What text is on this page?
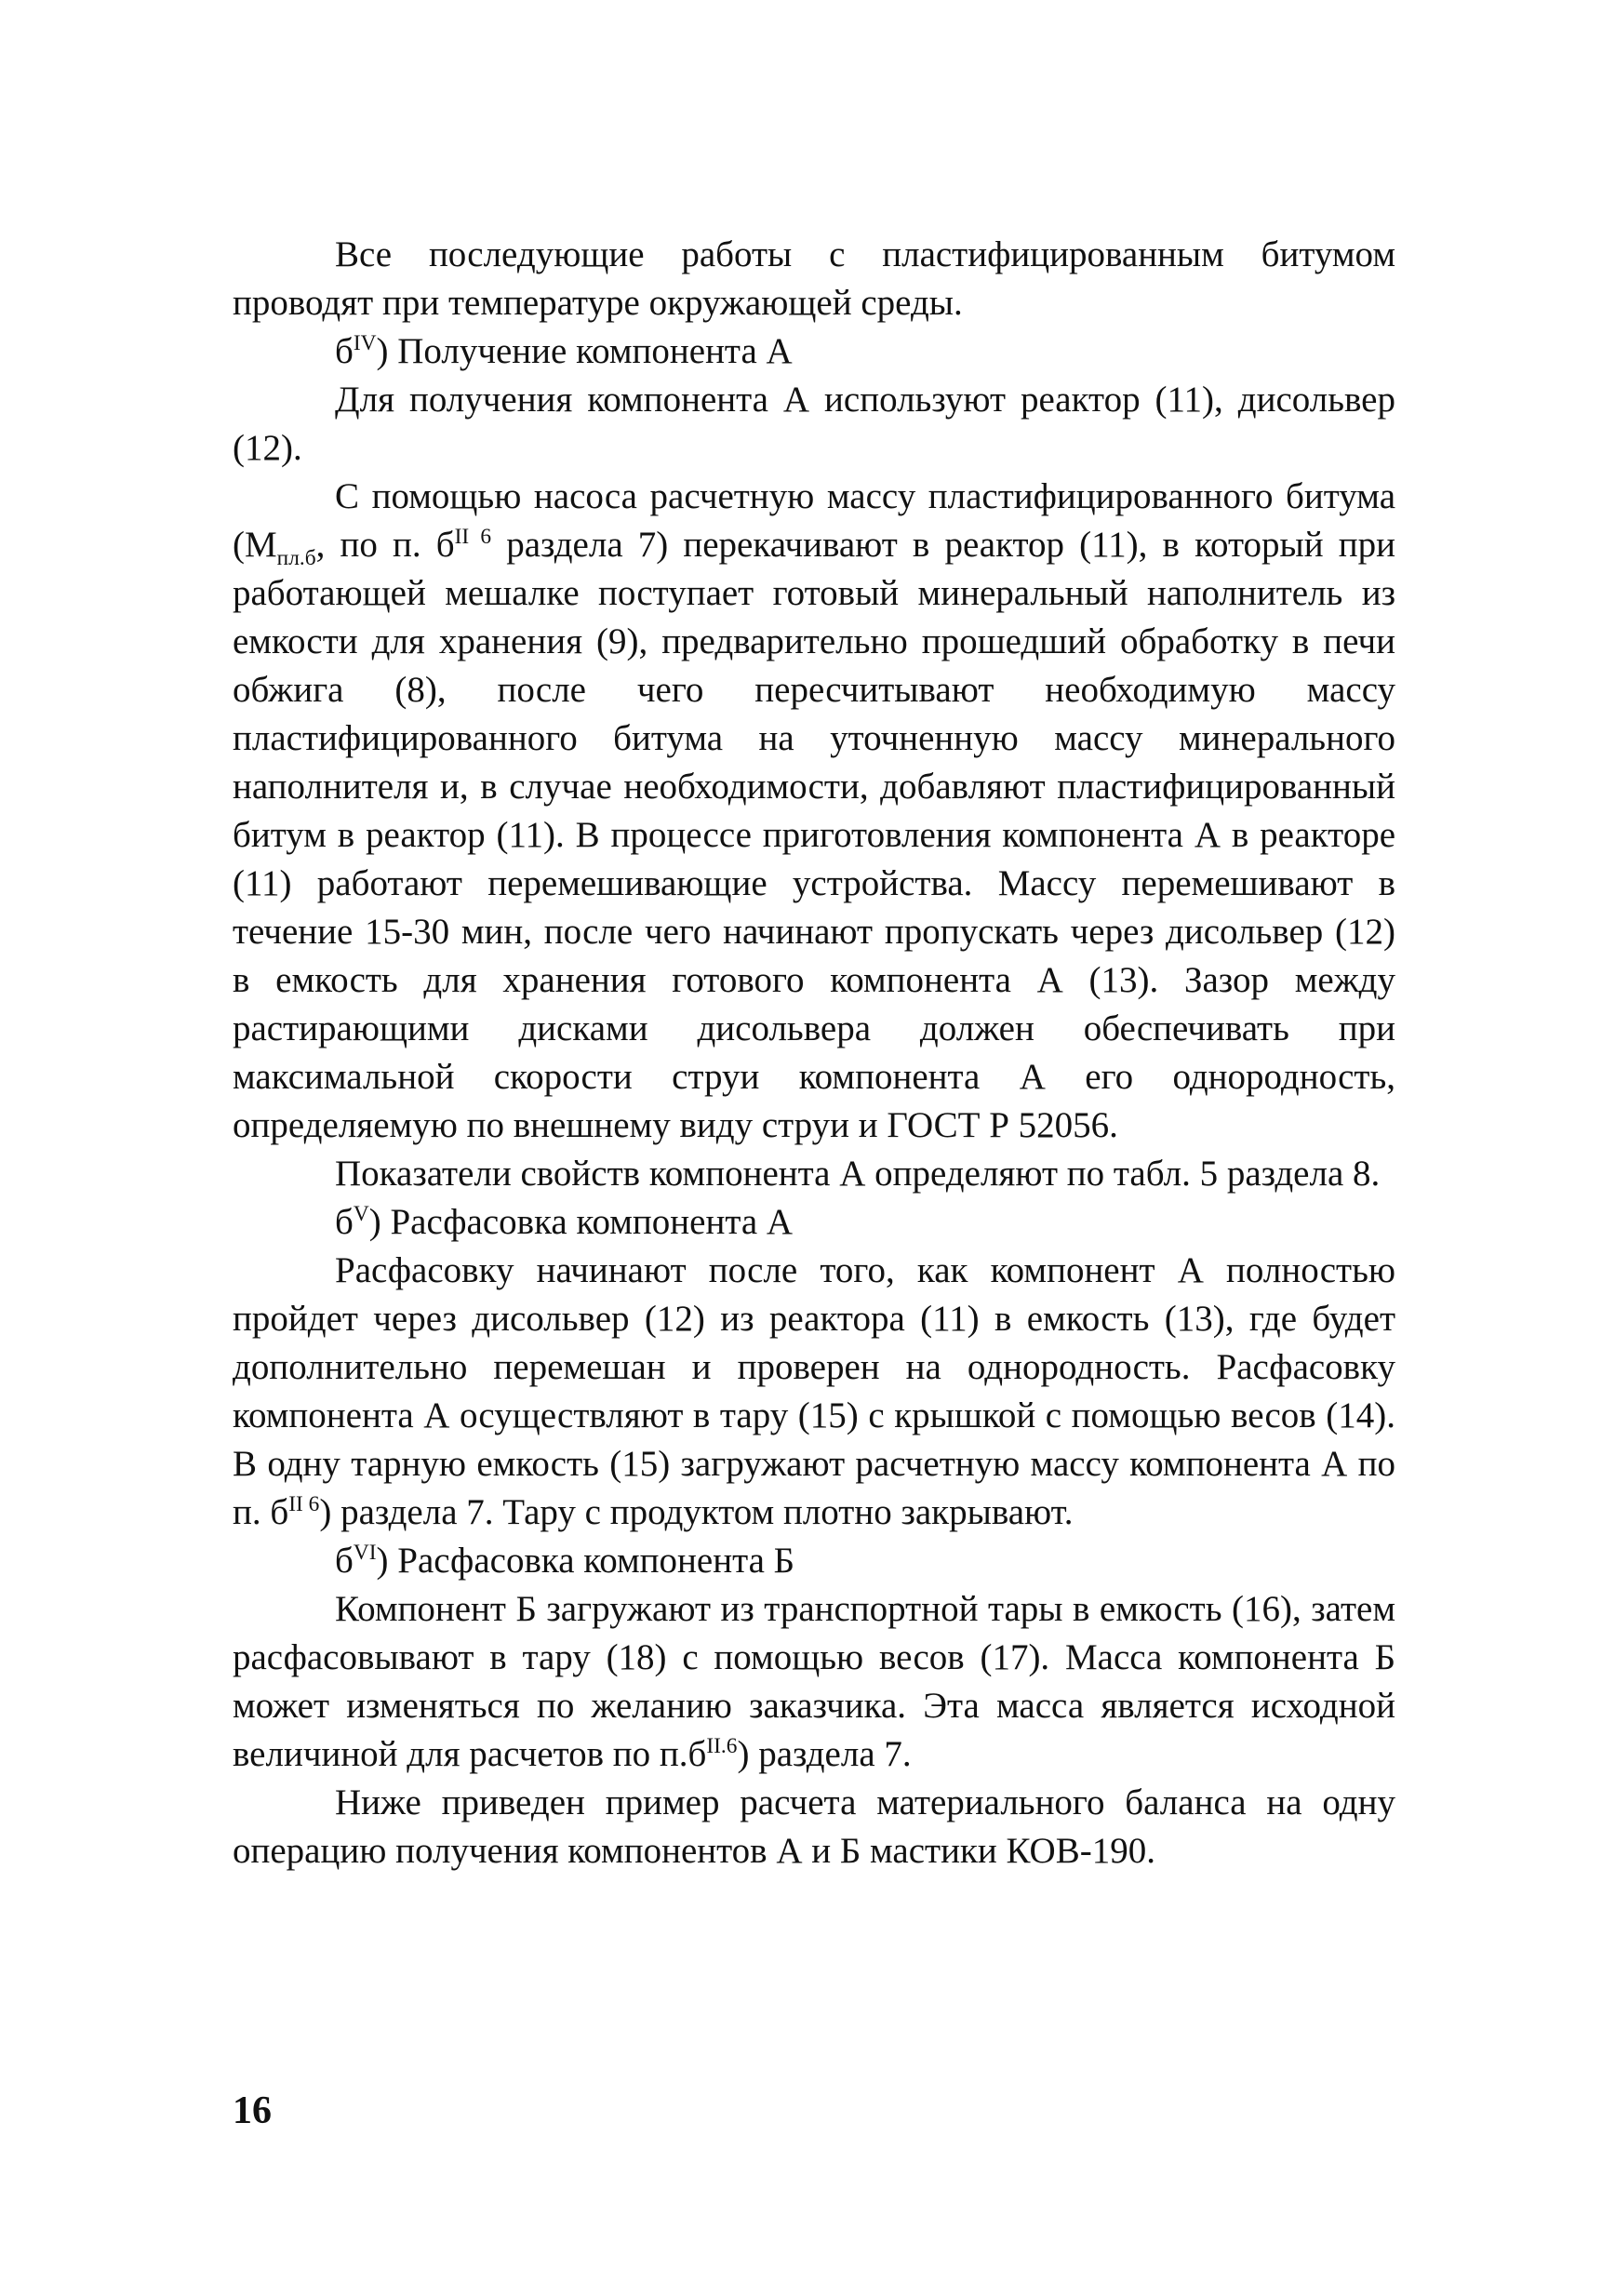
Все последующие работы с пластифицированным битумом проводят при температуре окружающей среды.

$б^{IV}$) Получение компонента А

Для получения компонента А используют реактор (11), дисольвер (12).

С помощью насоса расчетную массу пластифицированного битума ($М_{пл.б}$, по п. $б^{II 6}$ раздела 7) перекачивают в реактор (11), в который при работающей мешалке поступает готовый минеральный наполнитель из емкости для хранения (9), предварительно прошедший обработку в печи обжига (8), после чего пересчитывают необходимую массу пластифицированного битума на уточненную массу минерального наполнителя и, в случае необходимости, добавляют пластифицированный битум в реактор (11). В процессе приготовления компонента А в реакторе (11) работают перемешивающие устройства. Массу перемешивают в течение 15-30 мин, после чего начинают пропускать через дисольвер (12) в емкость для хранения готового компонента А (13). Зазор между растирающими дисками дисольвера должен обеспечивать при максимальной скорости струи компонента А его однородность, определяемую по внешнему виду струи и ГОСТ Р 52056.

Показатели свойств компонента А определяют по табл. 5 раздела 8.

$б^V$) Расфасовка компонента А

Расфасовку начинают после того, как компонент А полностью пройдет через дисольвер (12) из реактора (11) в емкость (13), где будет дополнительно перемешан и проверен на однородность. Расфасовку компонента А осуществляют в тару (15) с крышкой с помощью весов (14). В одну тарную емкость (15) загружают расчетную массу компонента А по п. $б^{II 6}$) раздела 7. Тару с продуктом плотно закрывают.

$б^{VI}$) Расфасовка компонента Б

Компонент Б загружают из транспортной тары в емкость (16), затем расфасовывают в тару (18) с помощью весов (17). Масса компонента Б может изменяться по желанию заказчика. Эта масса является исходной величиной для расчетов по $п.б^{II.6}$) раздела 7.

Ниже приведен пример расчета материального баланса на одну операцию получения компонентов А и Б мастики КОВ-190.

16
